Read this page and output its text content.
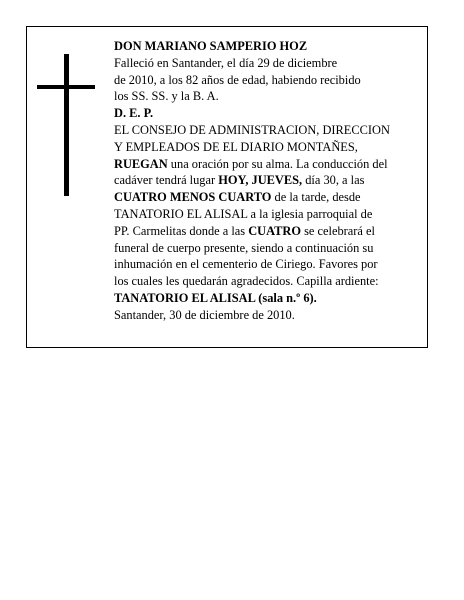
DON MARIANO SAMPERIO HOZ

Falleció en Santander, el día 29 de diciembre

de 2010, a los 82 años de edad, habiendo recibido

los SS. SS. y la B. A.

D. E. P.

EL CONSEJO DE ADMINISTRACION, DIRECCION

Y EMPLEADOS DE EL DIARIO MONTAÑES,

RUEGAN una oración por su alma. La conducción del

cadáver tendrá lugar HOY, JUEVES, día 30, a las

CUATRO MENOS CUARTO de la tarde, desde

TANATORIO EL ALISAL a la iglesia parroquial de

PP. Carmelitas donde a las CUATRO se celebrará el

funeral de cuerpo presente, siendo a continuación su

inhumación en el cementerio de Ciriego. Favores por

los cuales les quedarán agradecidos. Capilla ardiente:

TANATORIO EL ALISAL (sala n.º 6).

Santander, 30 de diciembre de 2010.
